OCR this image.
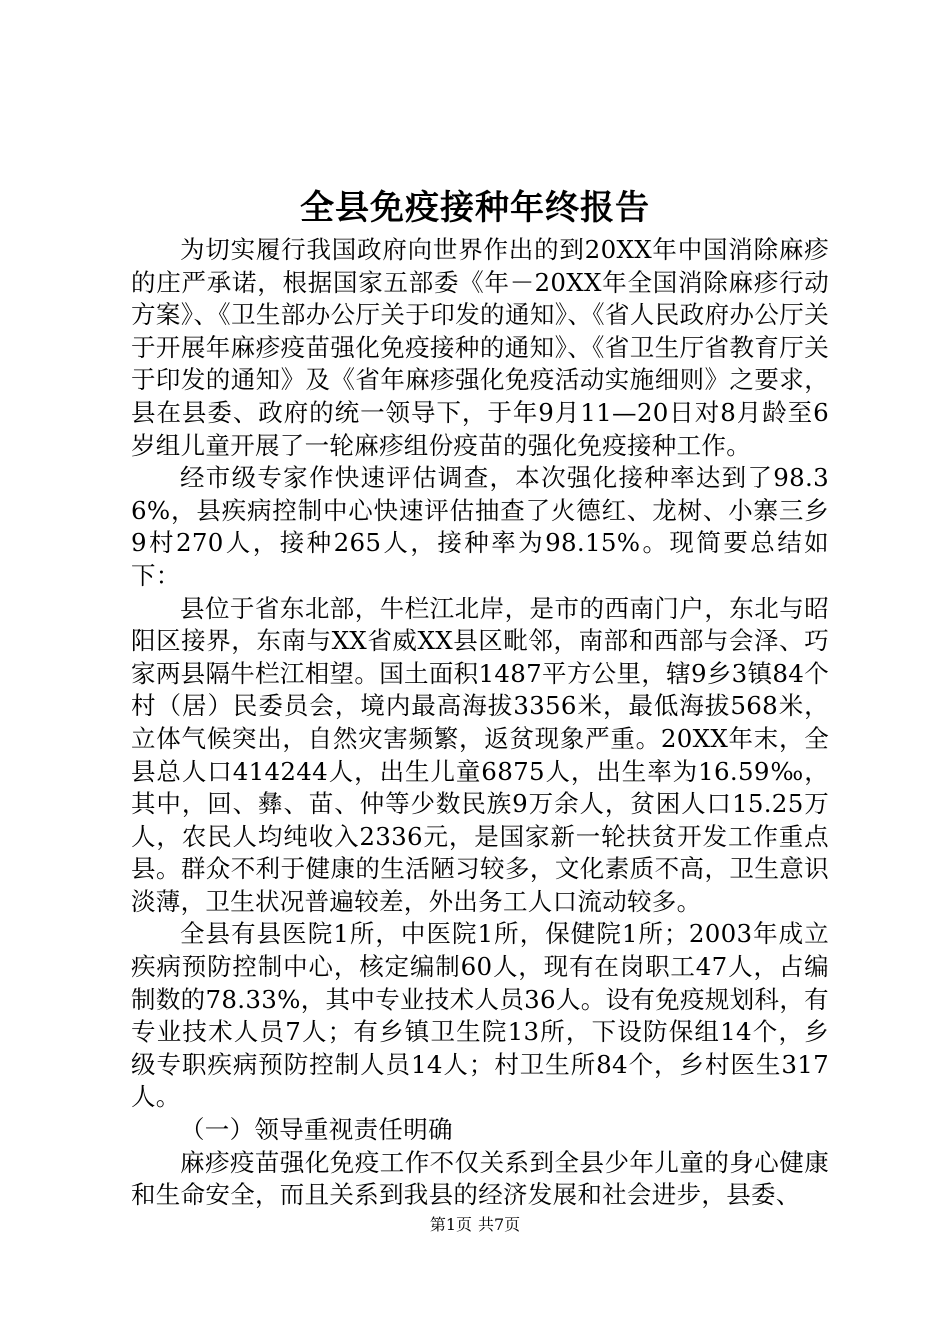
全县免疫接种年终报告

为切实履行我国政府向世界作出的到20XX年中国消除麻疹的庄严承诺，根据国家五部委《年－20XX年全国消除麻疹行动方案》、《卫生部办公厅关于印发的通知》、《省人民政府办公厅关于开展年麻疹疫苗强化免疫接种的通知》、《省卫生厅省教育厅关于印发的通知》及《省年麻疹强化免疫活动实施细则》之要求，县在县委、政府的统一领导下，于年9月11—20日对8月龄至6岁组儿童开展了一轮麻疹组份疫苗的强化免疫接种工作。

经市级专家作快速评估调查，本次强化接种率达到了98.36%，县疾病控制中心快速评估抽查了火德红、龙树、小寨三乡9村270人，接种265人，接种率为98.15%。现简要总结如下：

县位于省东北部，牛栏江北岸，是市的西南门户，东北与昭阳区接界，东南与XX省威XX县区毗邻，南部和西部与会泽、巧家两县隔牛栏江相望。国土面积1487平方公里，辖9乡3镇84个村（居）民委员会，境内最高海拔3356米，最低海拔568米，立体气候突出，自然灾害频繁，返贫现象严重。20XX年末，全县总人口414244人，出生儿童6875人，出生率为16.59‰，其中，回、彝、苗、仲等少数民族9万余人，贫困人口15.25万人，农民人均纯收入2336元，是国家新一轮扶贫开发工作重点县。群众不利于健康的生活陋习较多，文化素质不高，卫生意识淡薄，卫生状况普遍较差，外出务工人口流动较多。

全县有县医院1所，中医院1所，保健院1所；2003年成立疾病预防控制中心，核定编制60人，现有在岗职工47人，占编制数的78.33%，其中专业技术人员36人。设有免疫规划科，有专业技术人员7人；有乡镇卫生院13所，下设防保组14个，乡级专职疾病预防控制人员14人；村卫生所84个，乡村医生317人。

（一）领导重视责任明确

麻疹疫苗强化免疫工作不仅关系到全县少年儿童的身心健康和生命安全，而且关系到我县的经济发展和社会进步，县委、

第1页 共7页
